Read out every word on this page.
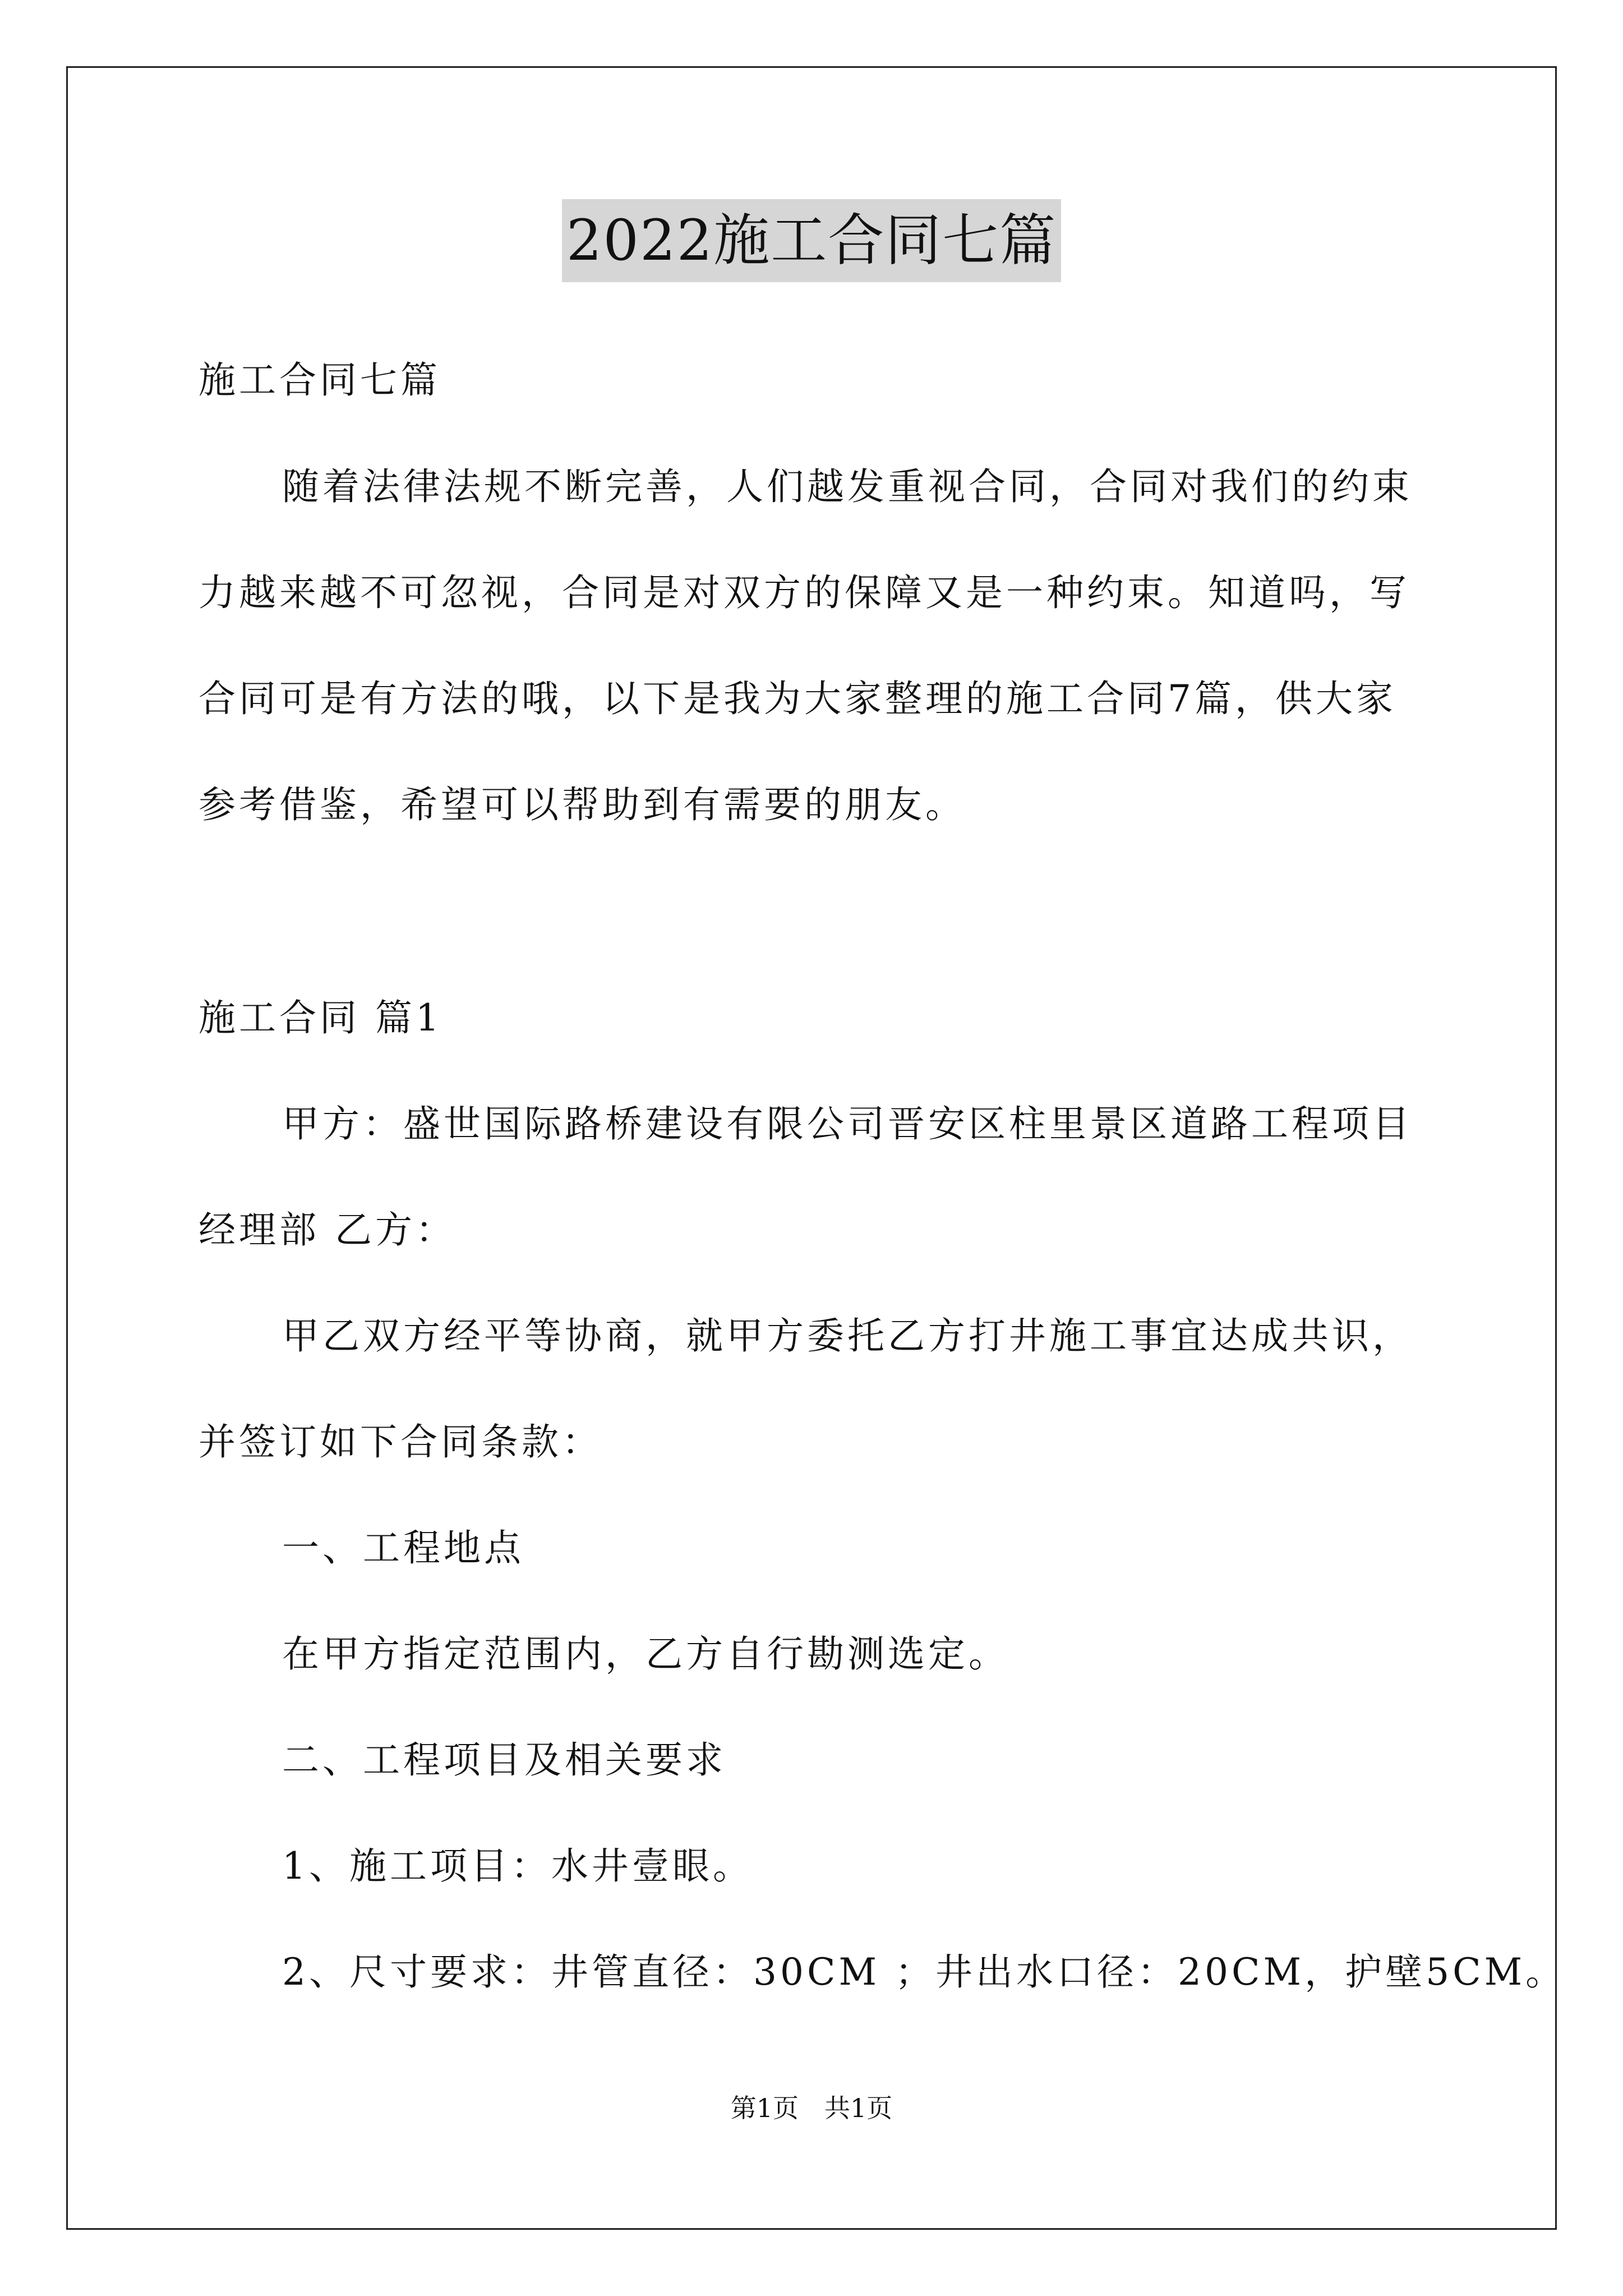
2022施工合同七篇
施工合同七篇
随着法律法规不断完善，人们越发重视合同，合同对我们的约束
力越来越不可忽视，合同是对双方的保障又是一种约束。知道吗，写
合同可是有方法的哦，以下是我为大家整理的施工合同7篇，供大家
参考借鉴，希望可以帮助到有需要的朋友。
施工合同 篇1
甲方：盛世国际路桥建设有限公司晋安区柱里景区道路工程项目
经理部 乙方：
甲乙双方经平等协商，就甲方委托乙方打井施工事宜达成共识，
并签订如下合同条款：
一、工程地点
在甲方指定范围内，乙方自行勘测选定。
二、工程项目及相关要求
1、施工项目：水井壹眼。
2、尺寸要求：井管直径：30CM ；井出水口径：20CM，护壁5CM。
第1页　共1页
